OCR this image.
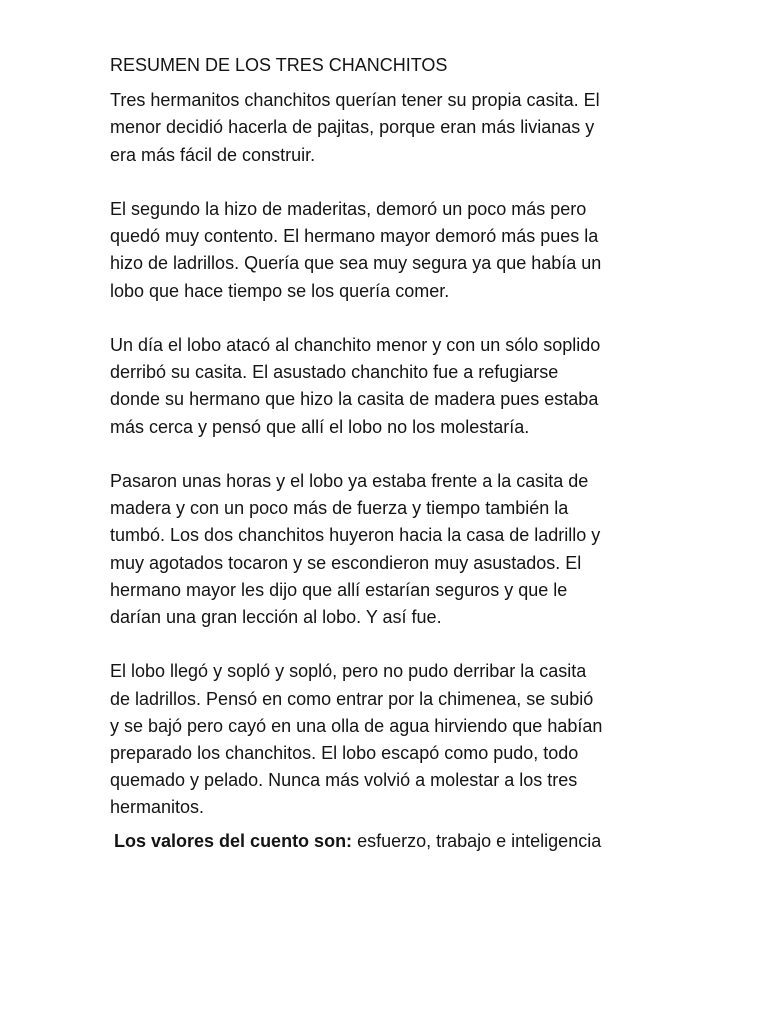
RESUMEN DE LOS TRES CHANCHITOS

Tres hermanitos chanchitos querían tener su propia casita. El
menor decidió hacerla de pajitas, porque eran más livianas y
era más fácil de construir.

El segundo la hizo de maderitas, demoró un poco más pero
quedó muy contento. El hermano mayor demoró más pues la
hizo de ladrillos. Quería que sea muy segura ya que había un
lobo que hace tiempo se los quería comer.

Un día el lobo atacó al chanchito menor y con un sólo soplido
derribó su casita. El asustado chanchito fue a refugiarse
donde su hermano que hizo la casita de madera pues estaba
más cerca y pensó que allí el lobo no los molestaría.

Pasaron unas horas y el lobo ya estaba frente a la casita de
madera y con un poco más de fuerza y tiempo también la
tumbó. Los dos chanchitos huyeron hacia la casa de ladrillo y
muy agotados tocaron y se escondieron muy asustados. El
hermano mayor les dijo que allí estarían seguros y que le
darían una gran lección al lobo. Y así fue.

El lobo llegó y sopló y sopló, pero no pudo derribar la casita
de ladrillos. Pensó en como entrar por la chimenea, se subió
y se bajó pero cayó en una olla de agua hirviendo que habían
preparado los chanchitos. El lobo escapó como pudo, todo
quemado y pelado. Nunca más volvió a molestar a los tres
hermanitos.

Los valores del cuento son: esfuerzo, trabajo e inteligencia
